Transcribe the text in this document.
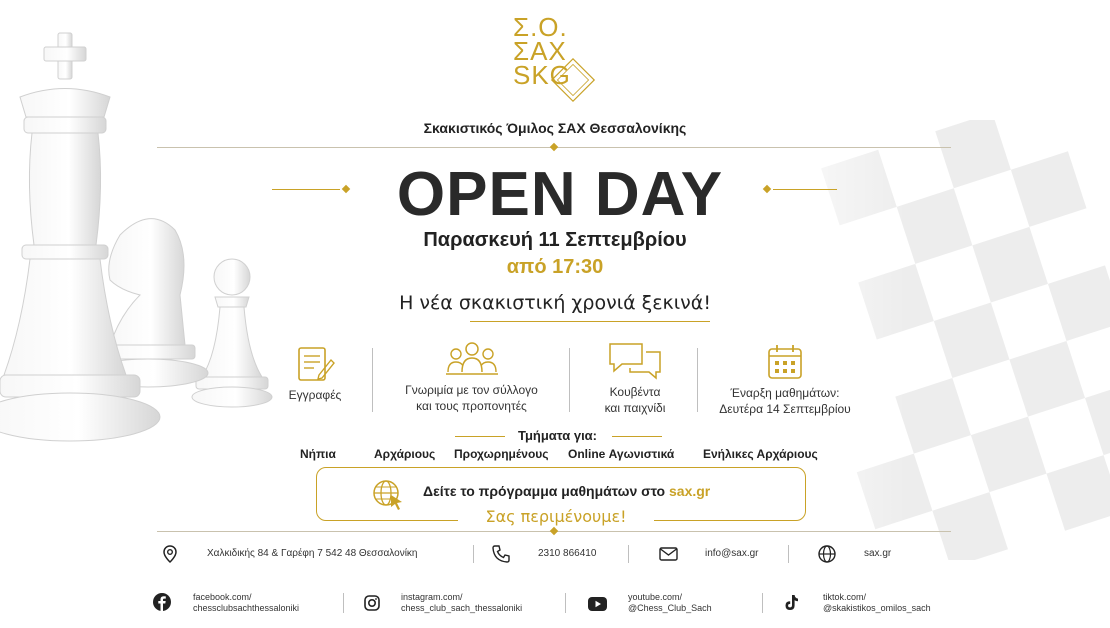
Σ.Ο.
ΣΑΧ
SKG
Σκακιστικός Όμιλος ΣΑΧ Θεσσαλονίκης
OPEN DAY
Παρασκευή 11 Σεπτεμβρίου
από 17:30
Η νέα σκακιστική χρονιά ξεκινά!
Εγγραφές	Γνωριμία με τον σύλλογο
και τους προπονητές
Κουβέντα
και παιχνίδι
Έναρξη μαθημάτων:
Δευτέρα 14 Σεπτεμβρίου
Τμήματα για:
Νήπια	Αρχάριους Προχωρημένους Online Αγωνιστικά Ενήλικες Αρχάριους
Δείτε το πρόγραμμα μαθημάτων στο sax.gr
Σας περιμένουμε!
Χαλκιδικής 84 & Γαρέφη 7 542 48 Θεσσαλονίκη	2310 866410	info@sax.gr	sax.gr
facebook.com/
chessclubsachthessaloniki
instagram.com/
chess_club_sach_thessaloniki
youtube.com/
@Chess_Club_Sach
tiktok.com/
@skakistikos_omilos_sach
